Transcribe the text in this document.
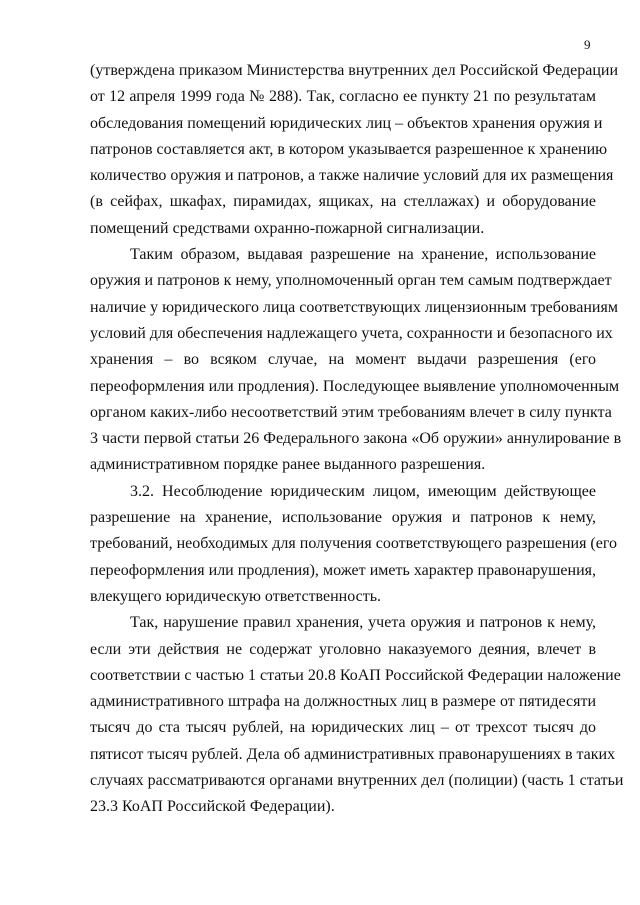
9
(утверждена приказом Министерства внутренних дел Российской Федерации
от 12 апреля 1999 года № 288). Так, согласно ее пункту 21 по результатам
обследования помещений юридических лиц – объектов хранения оружия и
патронов составляется акт, в котором указывается разрешенное к хранению
количество оружия и патронов, а также наличие условий для их размещения
(в сейфах, шкафах, пирамидах, ящиках, на стеллажах) и оборудование
помещений средствами охранно-пожарной сигнализации.
Таким образом, выдавая разрешение на хранение, использование
оружия и патронов к нему, уполномоченный орган тем самым подтверждает
наличие у юридического лица соответствующих лицензионным требованиям
условий для обеспечения надлежащего учета, сохранности и безопасного их
хранения – во всяком случае, на момент выдачи разрешения (его
переоформления или продления). Последующее выявление уполномоченным
органом каких-либо несоответствий этим требованиям влечет в силу пункта
3 части первой статьи 26 Федерального закона «Об оружии» аннулирование в
административном порядке ранее выданного разрешения.
3.2. Несоблюдение юридическим лицом, имеющим действующее
разрешение на хранение, использование оружия и патронов к нему,
требований, необходимых для получения соответствующего разрешения (его
переоформления или продления), может иметь характер правонарушения,
влекущего юридическую ответственность.
Так, нарушение правил хранения, учета оружия и патронов к нему,
если эти действия не содержат уголовно наказуемого деяния, влечет в
соответствии с частью 1 статьи 20.8 КоАП Российской Федерации наложение
административного штрафа на должностных лиц в размере от пятидесяти
тысяч до ста тысяч рублей, на юридических лиц – от трехсот тысяч до
пятисот тысяч рублей. Дела об административных правонарушениях в таких
случаях рассматриваются органами внутренних дел (полиции) (часть 1 статьи
23.3 КоАП Российской Федерации).
